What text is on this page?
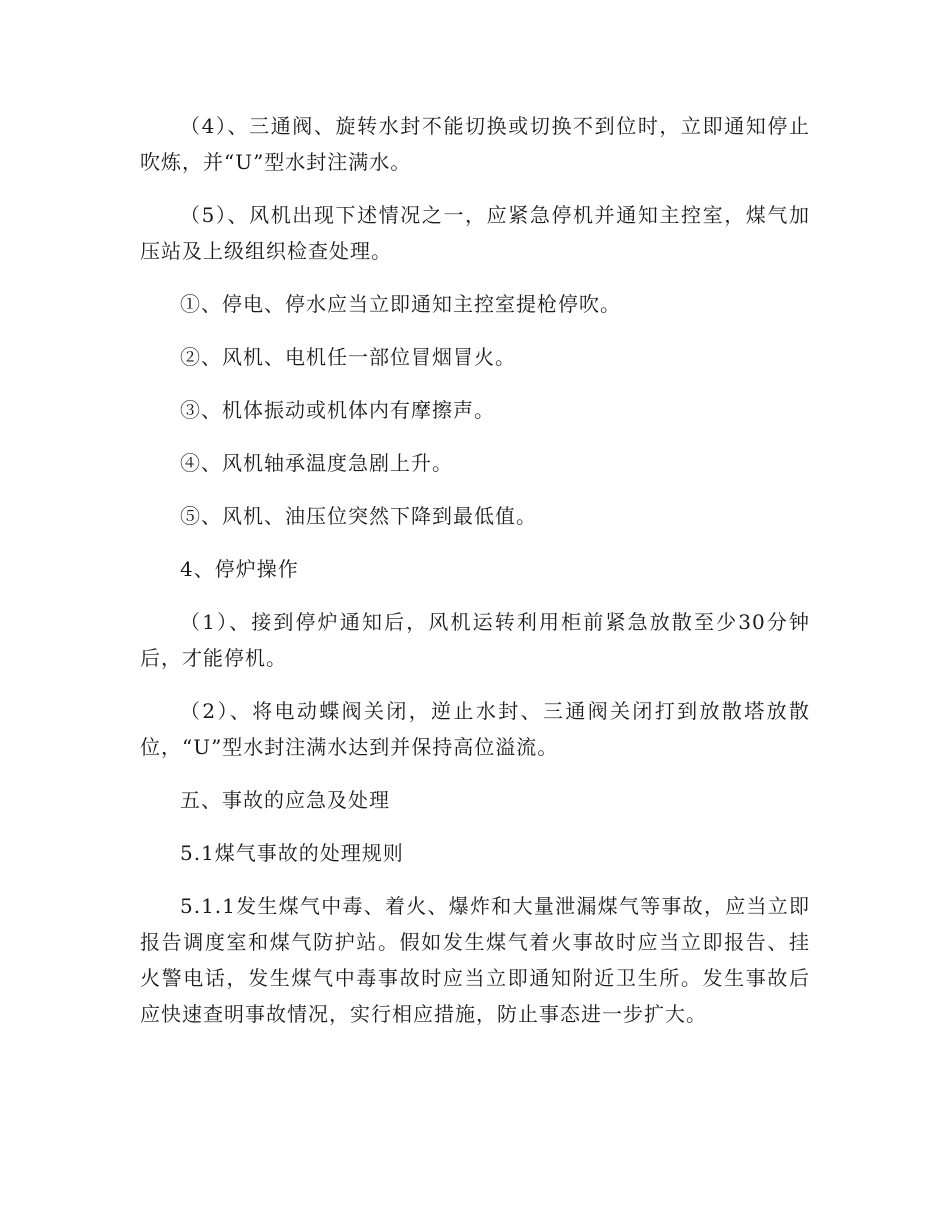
（4）、三通阀、旋转水封不能切换或切换不到位时，立即通知停止吹炼，并“U”型水封注满水。

（5）、风机出现下述情况之一，应紧急停机并通知主控室，煤气加压站及上级组织检查处理。

①、停电、停水应当立即通知主控室提枪停吹。

②、风机、电机任一部位冒烟冒火。

③、机体振动或机体内有摩擦声。

④、风机轴承温度急剧上升。

⑤、风机、油压位突然下降到最低值。

4、停炉操作

（1）、接到停炉通知后，风机运转利用柜前紧急放散至少30分钟后，才能停机。

（2）、将电动蝶阀关闭，逆止水封、三通阀关闭打到放散塔放散位，“U”型水封注满水达到并保持高位溢流。

五、事故的应急及处理

5.1煤气事故的处理规则

5.1.1发生煤气中毒、着火、爆炸和大量泄漏煤气等事故，应当立即报告调度室和煤气防护站。假如发生煤气着火事故时应当立即报告、挂火警电话，发生煤气中毒事故时应当立即通知附近卫生所。发生事故后应快速查明事故情况，实行相应措施，防止事态进一步扩大。
